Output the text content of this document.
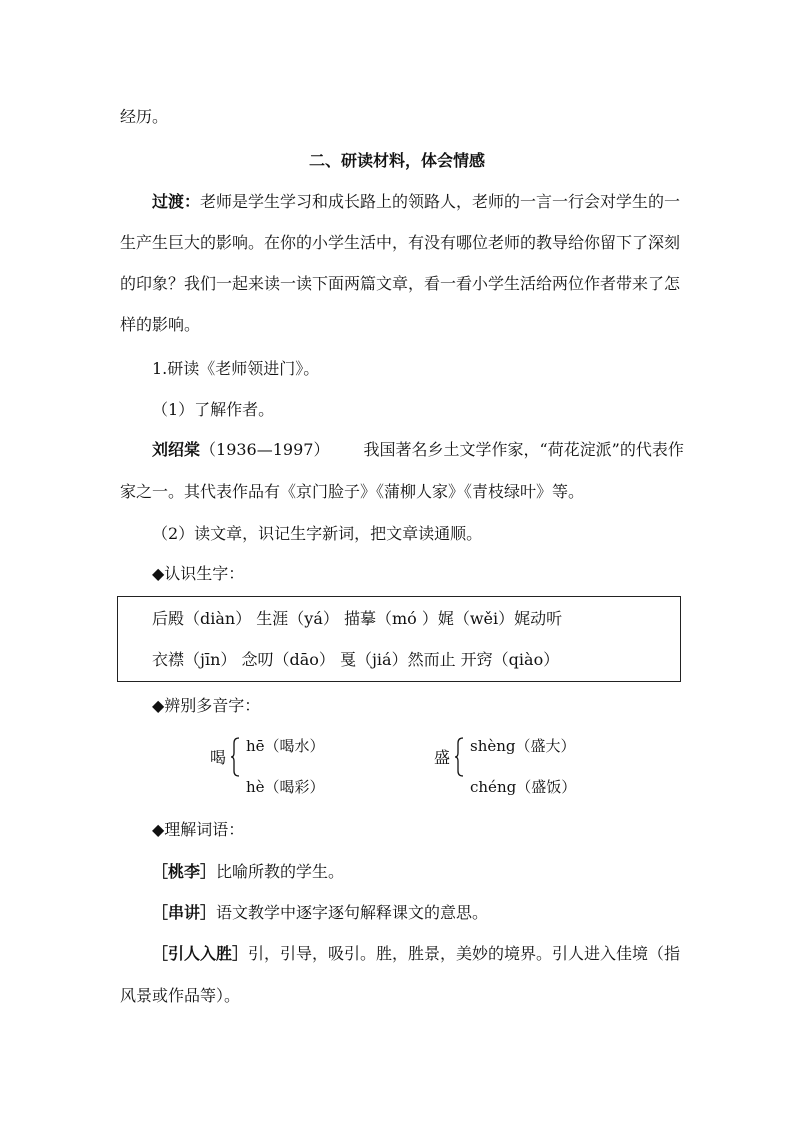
经历。
二、研读材料，体会情感
过渡：老师是学生学习和成长路上的领路人，老师的一言一行会对学生的一
生产生巨大的影响。在你的小学生活中，有没有哪位老师的教导给你留下了深刻
的印象？我们一起来读一读下面两篇文章，看一看小学生活给两位作者带来了怎
样的影响。
1.研读《老师领进门》。
（1）了解作者。
刘绍棠（1936—1997） 我国著名乡土文学作家，“荷花淀派”的代表作
家之一。其代表作品有《京门脸子》《蒲柳人家》《青枝绿叶》等。
（2）读文章，识记生字新词，把文章读通顺。
◆认识生字：
后殿（diàn） 生涯（yá） 描摹（mó ）娓（wěi）娓动听
衣襟（jīn） 念叨（dāo） 戛（jiá）然而止 开窍（qiào）
◆辨别多音字：
喝
hē（喝水）
hè（喝彩）
盛
shèng（盛大）
chéng（盛饭）
◆理解词语：
［桃李］比喻所教的学生。
［串讲］语文教学中逐字逐句解释课文的意思。
［引人入胜］引，引导，吸引。胜，胜景，美妙的境界。引人进入佳境（指
风景或作品等）。
